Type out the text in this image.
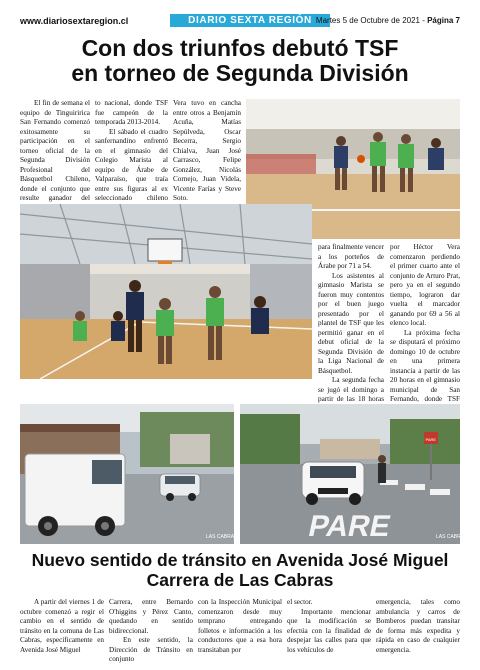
www.diariosextaregion.cl	DIARIO SEXTA REGIÓN Martes 5 de Octubre de 2021 - Página 7
Con dos triunfos debutó TSF
en torneo de Segunda División

El fin de semana el equipo de Tinguiririca San Fernando comenzó exitosamente su participación en el torneo oficial de la Segunda División Profesional del Básquetbol Chileno, donde el conjunto que resulte ganador del

to nacional, donde TSF fue campeón de la temporada 2013-2014.

El sábado el cuadro sanfernandino enfrentó en el gimnasio del Colegio Marista al equipo de Árabe de Valparaíso, que traía entre sus figuras al ex seleccionado chileno

Vera tuvo en cancha entre otros a Benjamín Acuña, Matías Sepúlveda, Oscar Becerra, Sergio Chialva, Juan José Carrasco, Felipe González, Nicolás Cornejo, Juan Videla, Vicente Farías y Steve Soto.

para finalmente vencer a los porteños de Árabe por 71 a 54.

Los asistentes al gimnasio Marista se fueron muy contentos por el buen juego presentado por el plantel de TSF que les permitió ganar en el debut oficial de la Segunda División de la Liga Nacional de Básquetbol.

La segunda fecha se jugó el domingo a partir de las 18 horas

por Héctor Vera comenzaron perdiendo el primer cuarto ante el conjunto de Arturo Prat, pero ya en el segundo tiempo, lograron dar vuelta el marcador ganando por 69 a 56 al elenco local.

La próxima fecha se disputará el próximo domingo 10 de octubre en una primera instancia a partir de las 20 horas en el gimnasio municipal de San Fernando, donde TSF

LAS CABRAS
PARE
PARE	LAS CABRAS
Nuevo sentido de tránsito en Avenida José Miguel
Carrera de Las Cabras

A partir del viernes 1 de octubre comenzó a regir el cambio en el sentido de tránsito en la comuna de Las Cabras, específicamente en Avenida José Miguel

Carrera, entre Bernardo O'higgins y Pérez Canto, quedando en sentido bidireccional.

En este sentido, la Dirección de Tránsito en conjunto

con la Inspección Municipal comenzaron desde muy temprano entregando folletos e información a los conductores que a esa hora transitaban por

el sector.

Importante mencionar que la modificación se efectúa con la finalidad de despejar las calles para que los vehículos de

emergencia, tales como ambulancia y carros de Bomberos puedan transitar de forma más expedita y rápida en caso de cualquier emergencia.
